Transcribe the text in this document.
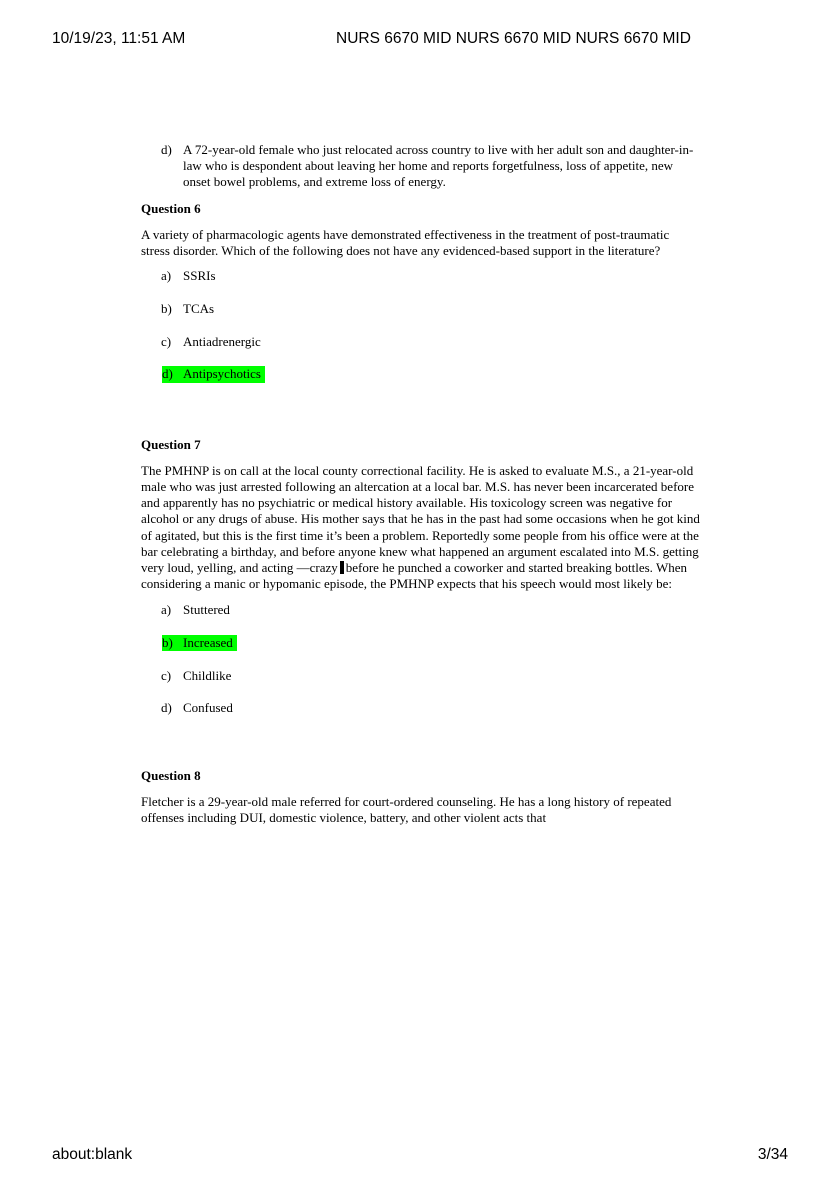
10/19/23, 11:51 AM	NURS 6670 MID NURS 6670 MID NURS 6670 MID
d) A 72-year-old female who just relocated across country to live with her adult son and daughter-in-law who is despondent about leaving her home and reports forgetfulness, loss of appetite, new onset bowel problems, and extreme loss of energy.
Question 6
A variety of pharmacologic agents have demonstrated effectiveness in the treatment of post-traumatic stress disorder. Which of the following does not have any evidenced-based support in the literature?
a) SSRIs
b) TCAs
c) Antiadrenergic
d) Antipsychotics
Question 7
The PMHNP is on call at the local county correctional facility. He is asked to evaluate M.S., a 21-year-old male who was just arrested following an altercation at a local bar. M.S. has never been incarcerated before and apparently has no psychiatric or medical history available. His toxicology screen was negative for alcohol or any drugs of abuse. His mother says that he has in the past had some occasions when he got kind of agitated, but this is the first time it’s been a problem. Reportedly some people from his office were at the bar celebrating a birthday, and before anyone knew what happened an argument escalated into M.S. getting very loud, yelling, and acting ―crazy before he punched a coworker and started breaking bottles. When considering a manic or hypomanic episode, the PMHNP expects that his speech would most likely be:
a) Stuttered
b) Increased
c) Childlike
d) Confused
Question 8
Fletcher is a 29-year-old male referred for court-ordered counseling. He has a long history of repeated offenses including DUI, domestic violence, battery, and other violent acts that
about:blank	3/34
